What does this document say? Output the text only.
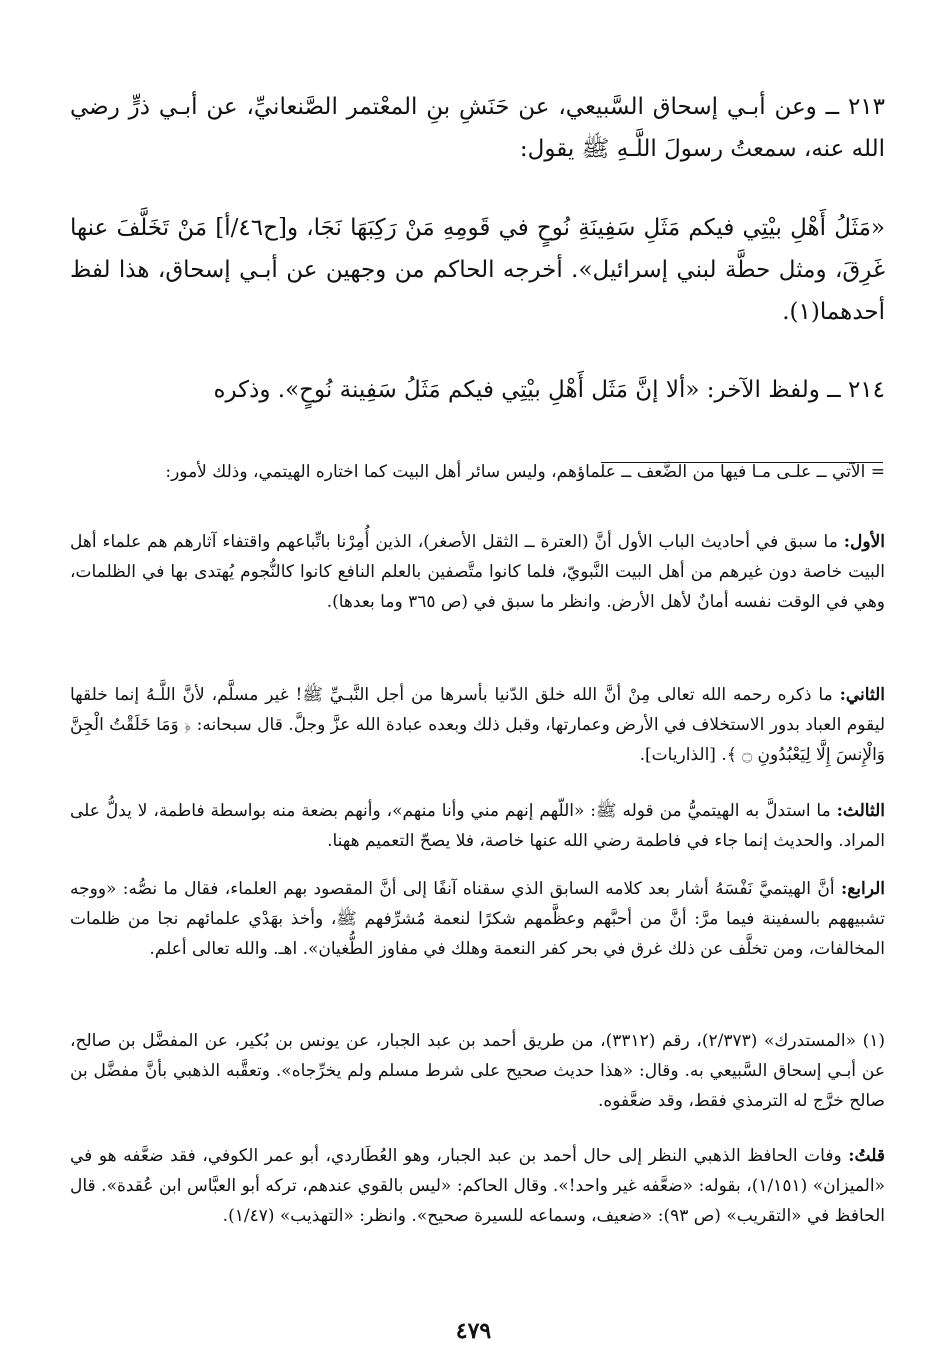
٢١٣ ــ وعن أبـي إسحاق السَّبيعي، عن حَنَشِ بنِ المعْتمر الصَّنعانيِّ، عن أبـي ذرٍّ رضي الله عنه، سمعتُ رسولَ اللَّـهِ ﷺ يقول:

«مَثَلُ أَهْلِ بيْتِي فيكم مَثَلِ سَفِينَةِ نُوحٍ في قَومِهِ مَنْ رَكِبَهَا نَجَا، و[ح٤٦/أ] مَنْ تَخَلَّفَ عنها غَرِقَ، ومثل حطَّة لبني إسرائيل». أخرجه الحاكم من وجهين عن أبـي إسحاق، هذا لفظ أحدهما(١).

٢١٤ ــ ولفظ الآخر: «ألا إنَّ مَثَل أَهْلِ بيْتِي فيكم مَثَلُ سَفِينة نُوحٍ». وذكره

= الآتي ــ علـى مـا فيها من الضَّعف ــ علماؤهم، وليس سائر أهل البيت كما اختاره الهيتمي، وذلك لأمور:

الأول: ما سبق في أحاديث الباب الأول أنَّ (العترة ــ الثقل الأصغر)، الذين أُمِرْنا باتِّباعهم واقتفاء آثارهم هم علماء أهل البيت خاصة دون غيرهم من أهل البيت النَّبويّ، فلما كانوا متَّصفين بالعلم النافع كانوا كالنُّجوم يُهتدى بها في الظلمات، وهي في الوقت نفسه أمانٌ لأهل الأرض. وانظر ما سبق في (ص ٣٦٥ وما بعدها).

الثاني: ما ذكره رحمه الله تعالى مِنْ أنَّ الله خلق الدّنيا بأسرها من أجل النَّبـيِّ ﷺ! غير مسلَّم، لأنَّ اللَّـهُ إنما خلقها ليقوم العباد بدور الاستخلاف في الأرض وعمارتها، وقبل ذلك وبعده عبادة الله عزَّ وجلَّ. قال سبحانه: ﴿ وَمَا خَلَقْتُ الْجِنَّ وَالْإِنسَ إِلَّا لِيَعْبُدُونِ ۝ ﴾. [الذاريات].

الثالث: ما استدلَّ به الهيتميُّ من قوله ﷺ: «اللّهم إنهم مني وأنا منهم»، وأنهم بضعة منه بواسطة فاطمة، لا يدلُّ على المراد. والحديث إنما جاء في فاطمة رضي الله عنها خاصة، فلا يصحّ التعميم ههنا.

الرابع: أنَّ الهيتميَّ نَفْسَهُ أشار بعد كلامه السابق الذي سقناه آنفًا إلى أنَّ المقصود بهم العلماء، فقال ما نصُّه: «ووجه تشبيههم بالسفينة فيما مرَّ: أنَّ من أحبَّهم وعظَّمهم شكرًا لنعمة مُشرِّفهم ﷺ، وأخذ بهَدْي علمائهم نجا من ظلمات المخالفات، ومن تخلَّف عن ذلك غرق في بحر كفر النعمة وهلك في مفاوز الطُّغيان». اهـ. والله تعالى أعلم.

(١) «المستدرك» (٢/٣٧٣)، رقم (٣٣١٢)، من طريق أحمد بن عبد الجبار، عن يونس بن بُكير، عن المفضَّل بن صالح، عن أبـي إسحاق السَّبيعي به. وقال: «هذا حديث صحيح على شرط مسلم ولم يخرِّجاه». وتعقَّبه الذهبي بأنَّ مفضَّل بن صالح خرَّج له الترمذي فقط، وقد ضعَّفوه.

قلتُ: وفات الحافظ الذهبي النظر إلى حال أحمد بن عبد الجبار، وهو العُطَاردي، أبو عمر الكوفي، فقد ضعَّفه هو في «الميزان» (١/١٥١)، بقوله: «ضعَّفه غير واحد!». وقال الحاكم: «ليس بالقوي عندهم، تركه أبو العبَّاس ابن عُقدة». قال الحافظ في «التقريب» (ص ٩٣): «ضعيف، وسماعه للسيرة صحيح». وانظر: «التهذيب» (١/٤٧).

٤٧٩
